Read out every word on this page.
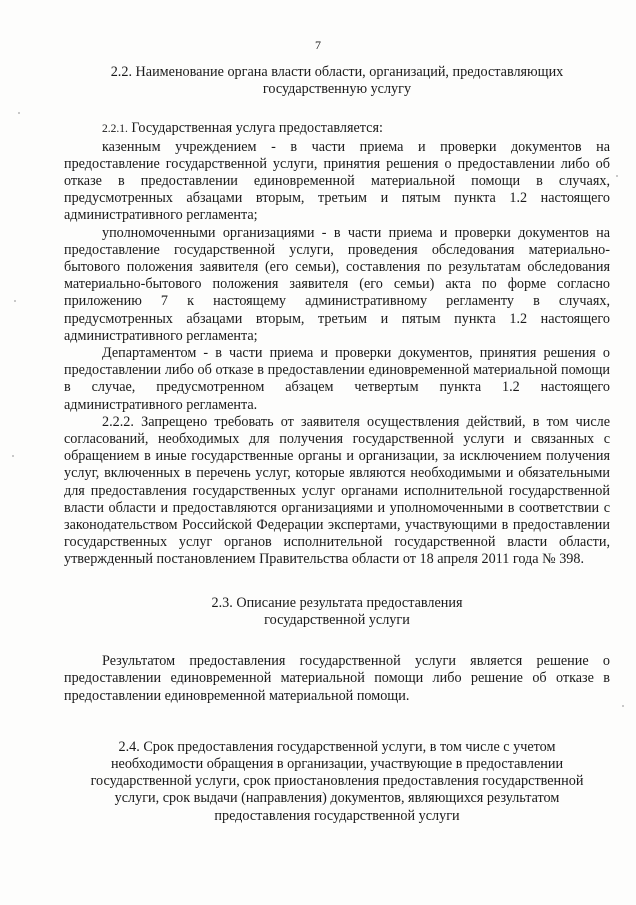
7

2.2. Наименование органа власти области, организаций, предоставляющих государственную услугу

2.2.1. Государственная услуга предоставляется:

казенным учреждением - в части приема и проверки документов на предоставление государственной услуги, принятия решения о предоставлении либо об отказе в предоставлении единовременной материальной помощи в случаях, предусмотренных абзацами вторым, третьим и пятым пункта 1.2 настоящего административного регламента;

уполномоченными организациями - в части приема и проверки документов на предоставление государственной услуги, проведения обследования материально-бытового положения заявителя (его семьи), составления по результатам обследования материально-бытового положения заявителя (его семьи) акта по форме согласно приложению 7 к настоящему административному регламенту в случаях, предусмотренных абзацами вторым, третьим и пятым пункта 1.2 настоящего административного регламента;

Департаментом - в части приема и проверки документов, принятия решения о предоставлении либо об отказе в предоставлении единовременной материальной помощи в случае, предусмотренном абзацем четвертым пункта 1.2 настоящего административного регламента.

2.2.2. Запрещено требовать от заявителя осуществления действий, в том числе согласований, необходимых для получения государственной услуги и связанных с обращением в иные государственные органы и организации, за исключением получения услуг, включенных в перечень услуг, которые являются необходимыми и обязательными для предоставления государственных услуг органами исполнительной государственной власти области и предоставляются организациями и уполномоченными в соответствии с законодательством Российской Федерации экспертами, участвующими в предоставлении государственных услуг органов исполнительной государственной власти области, утвержденный постановлением Правительства области от 18 апреля 2011 года № 398.

2.3. Описание результата предоставления

государственной услуги

Результатом предоставления государственной услуги является решение о предоставлении единовременной материальной помощи либо решение об отказе в предоставлении единовременной материальной помощи.

2.4. Срок предоставления государственной услуги, в том числе с учетом необходимости обращения в организации, участвующие в предоставлении государственной услуги, срок приостановления предоставления государственной услуги, срок выдачи (направления) документов, являющихся результатом предоставления государственной услуги
